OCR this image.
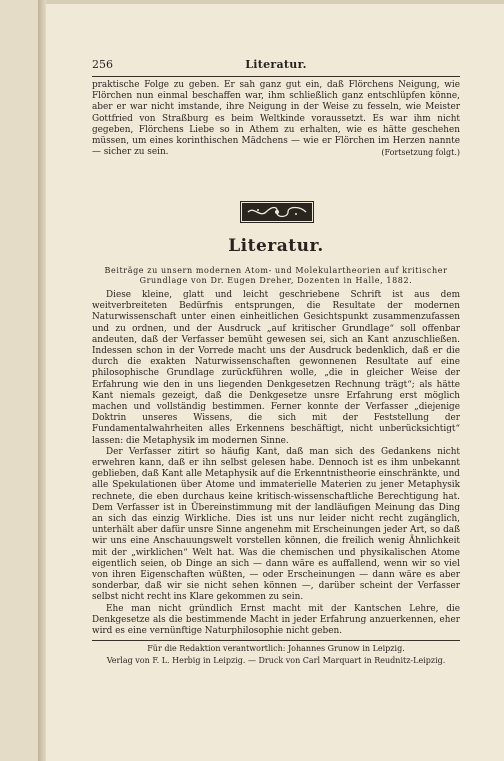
256	Literatur.

praktische Folge zu geben. Er sah ganz gut ein, daß Flörchens Neigung, wie Flörchen nun einmal beschaffen war, ihm schließlich ganz entschlüpfen könne, aber er war nicht imstande, ihre Neigung in der Weise zu fesseln, wie Meister Gottfried von Straßburg es beim Weltkinde voraussetzt. Es war ihm nicht gegeben, Flörchens Liebe so in Athem zu erhalten, wie es hätte geschehen müssen, um eines korinthischen Mädchens — wie er Flörchen im Herzen nannte — sicher zu sein.	(Fortsetzung folgt.)

Literatur.
Beiträge zu unsern modernen Atom- und Molekulartheorien auf kritischer Grundlage von Dr. Eugen Dreher, Dozenten in Halle, 1882.

Diese kleine, glatt und leicht geschriebene Schrift ist aus dem weitverbreiteten Bedürfnis entsprungen, die Resultate der modernen Naturwissenschaft unter einen einheitlichen Gesichtspunkt zusammenzufassen und zu ordnen, und der Ausdruck „auf kritischer Grundlage“ soll offenbar andeuten, daß der Verfasser bemüht gewesen sei, sich an Kant anzuschließen. Indessen schon in der Vorrede macht uns der Ausdruck bedenklich, daß er die durch die exakten Naturwissenschaften gewonnenen Resultate auf eine philosophische Grundlage zurückführen wolle, „die in gleicher Weise der Erfahrung wie den in uns liegenden Denkgesetzen Rechnung trägt“; als hätte Kant niemals gezeigt, daß die Denkgesetze unsre Erfahrung erst möglich machen und vollständig bestimmen. Ferner konnte der Verfasser „diejenige Doktrin unseres Wissens, die sich mit der Feststellung der Fundamentalwahrheiten alles Erkennens beschäftigt, nicht unberücksichtigt“ lassen: die Metaphysik im modernen Sinne.

Der Verfasser zitirt so häufig Kant, daß man sich des Gedankens nicht erwehren kann, daß er ihn selbst gelesen habe. Dennoch ist es ihm unbekannt geblieben, daß Kant alle Metaphysik auf die Erkenntnistheorie einschränkte, und alle Spekulationen über Atome und immaterielle Materien zu jener Metaphysik rechnete, die eben durchaus keine kritisch-wissenschaftliche Berechtigung hat. Dem Verfasser ist in Übereinstimmung mit der landläufigen Meinung das Ding an sich das einzig Wirkliche. Dies ist uns nur leider nicht recht zugänglich, unterhält aber dafür unsre Sinne angenehm mit Erscheinungen jeder Art, so daß wir uns eine Anschauungswelt vorstellen können, die freilich wenig Ähnlichkeit mit der „wirklichen“ Welt hat. Was die chemischen und physikalischen Atome eigentlich seien, ob Dinge an sich — dann wäre es auffallend, wenn wir so viel von ihren Eigenschaften wüßten, — oder Erscheinungen — dann wäre es aber sonderbar, daß wir sie nicht sehen können —, darüber scheint der Verfasser selbst nicht recht ins Klare gekommen zu sein.

Ehe man nicht gründlich Ernst macht mit der Kantschen Lehre, die Denkgesetze als die bestimmende Macht in jeder Erfahrung anzuerkennen, eher wird es eine vernünftige Naturphilosophie nicht geben.

Für die Redaktion verantwortlich: Johannes Grunow in Leipzig.
Verlag von F. L. Herbig in Leipzig. — Druck von Carl Marquart in Reudnitz-Leipzig.
